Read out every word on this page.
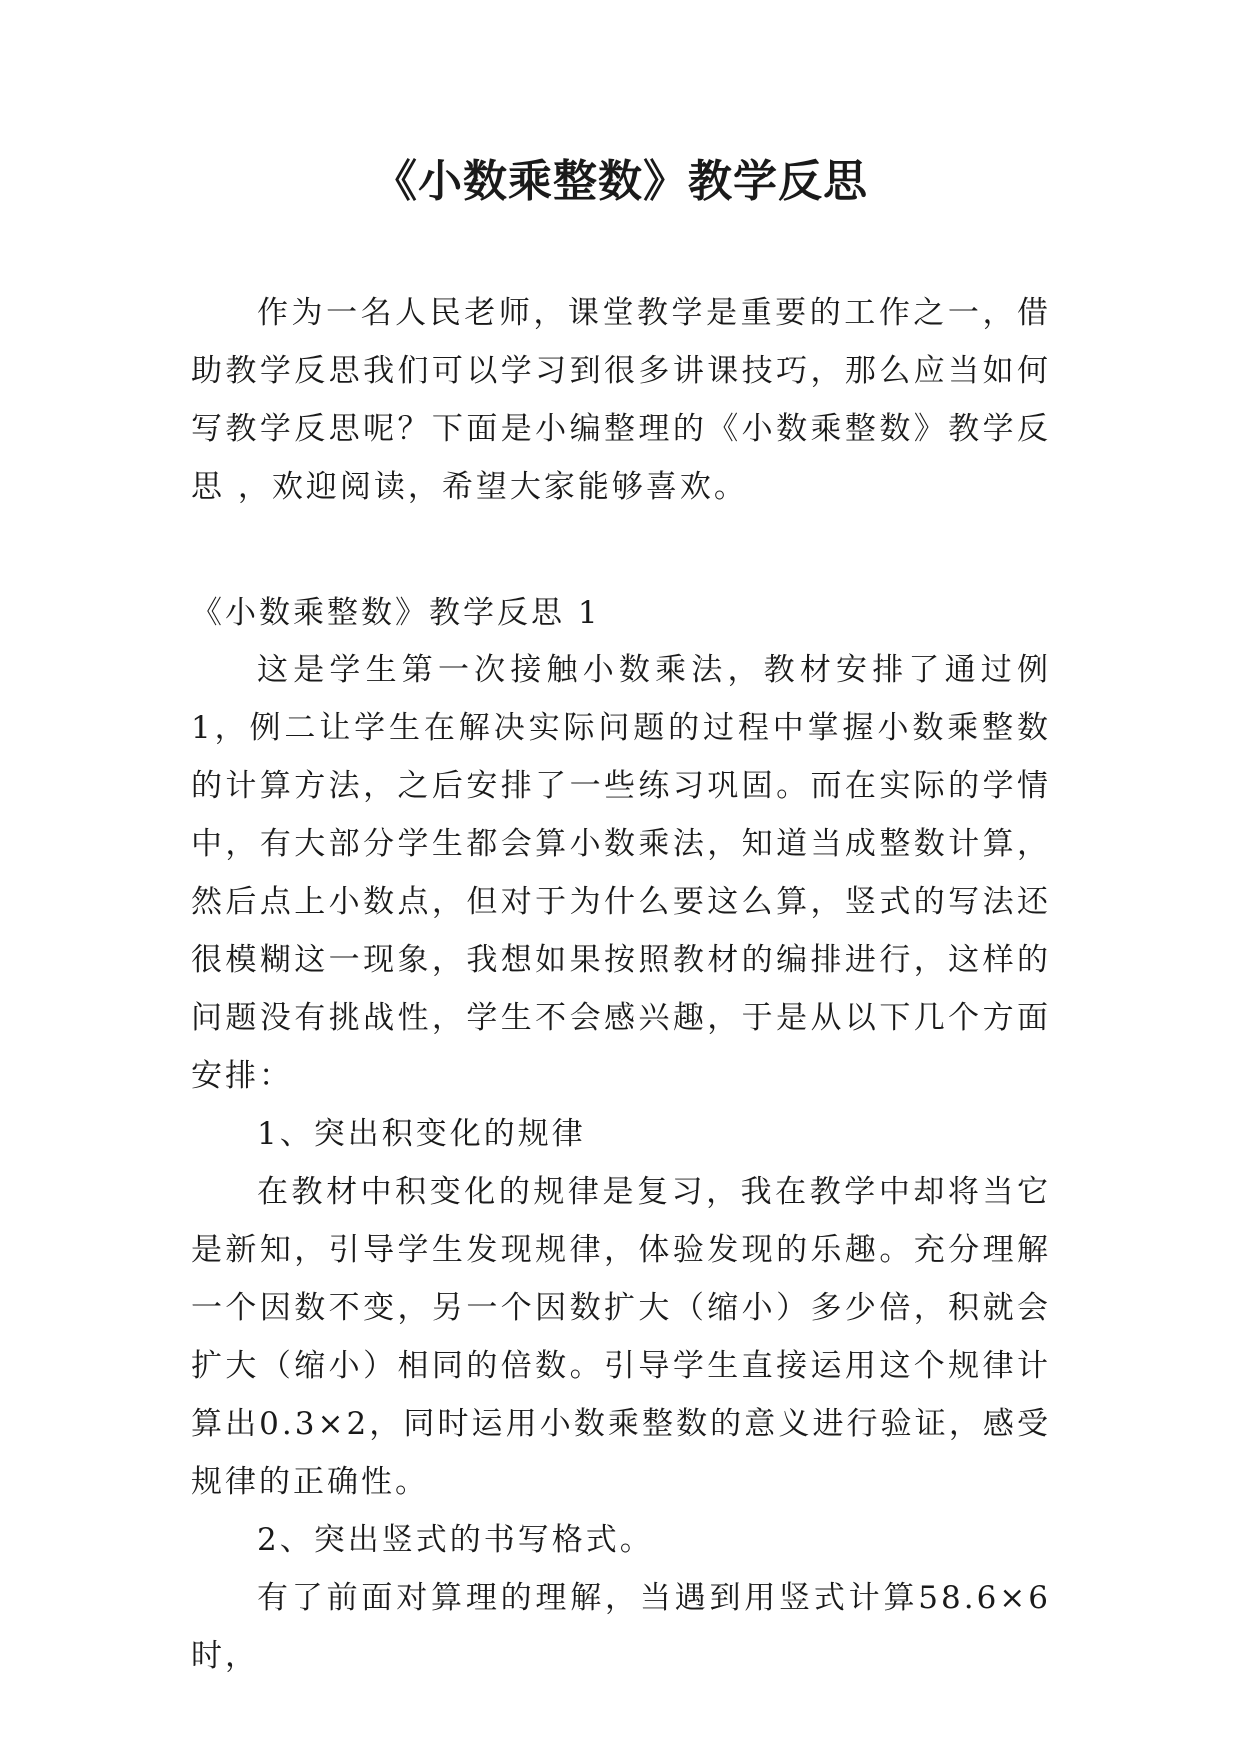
《小数乘整数》教学反思

作为一名人民老师，课堂教学是重要的工作之一，借助教学反思我们可以学习到很多讲课技巧，那么应当如何写教学反思呢？下面是小编整理的《小数乘整数》教学反思 ，欢迎阅读，希望大家能够喜欢。

《小数乘整数》教学反思 1

这是学生第一次接触小数乘法，教材安排了通过例1，例二让学生在解决实际问题的过程中掌握小数乘整数的计算方法，之后安排了一些练习巩固。而在实际的学情中，有大部分学生都会算小数乘法，知道当成整数计算，然后点上小数点，但对于为什么要这么算，竖式的写法还很模糊这一现象，我想如果按照教材的编排进行，这样的问题没有挑战性，学生不会感兴趣，于是从以下几个方面安排：

1、突出积变化的规律

在教材中积变化的规律是复习，我在教学中却将当它是新知，引导学生发现规律，体验发现的乐趣。充分理解一个因数不变，另一个因数扩大（缩小）多少倍，积就会扩大（缩小）相同的倍数。引导学生直接运用这个规律计算出0.3×2，同时运用小数乘整数的意义进行验证，感受规律的正确性。

2、突出竖式的书写格式。

有了前面对算理的理解，当遇到用竖式计算58.6×6时，
